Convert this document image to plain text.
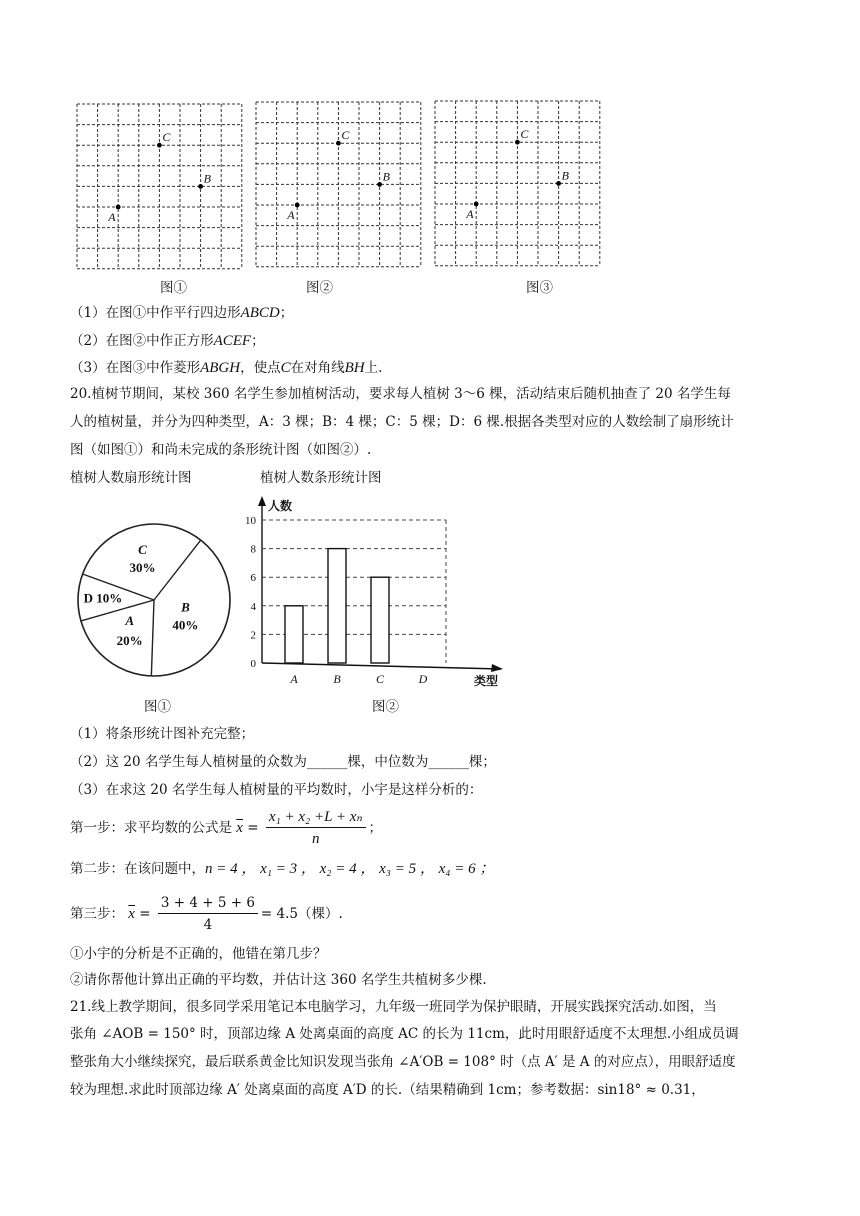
A
B
C
A
B
C
A
B
C
图①	图②	图③
（1）在图①中作平行四边形ABCD；
（2）在图②中作正方形ACEF；
（3）在图③中作菱形ABGH，使点C在对角线BH上.
20.植树节期间，某校 360 名学生参加植树活动，要求每人植树 3～6 棵，活动结束后随机抽查了 20 名学生每
人的植树量，并分为四种类型，A：3 棵；B：4 棵；C：5 棵；D：6 棵.根据各类型对应的人数绘制了扇形统计
图（如图①）和尚未完成的条形统计图（如图②）.
植树人数扇形统计图	植树人数条形统计图
B
40%
C
30%
D 10%
A
20%
人数
类型
0
2
4
6
8
10
A	B	C	D
图①	图②
（1）将条形统计图补充完整；
（2）这 20 名学生每人植树量的众数为______棵，中位数为______棵；
（3）在求这 20 名学生每人植树量的平均数时，小宇是这样分析的：
第一步：求平均数的公式是 $\overline{x} = \frac{\text{x₁ + x₂ +L + xₙ}}{n}$ ；
第二步：在该问题中，n = 4 ， x₁ = 3 ， x₂ = 4 ， x₃ = 5 ， x₄ = 6 ；
第三步： $\overline{x} = \frac{3 + 4 + 5 + 6}{4} = 4.5$（棵）.
①小宇的分析是不正确的，他错在第几步？
②请你帮他计算出正确的平均数，并估计这 360 名学生共植树多少棵.
21.线上教学期间，很多同学采用笔记本电脑学习，九年级一班同学为保护眼睛，开展实践探究活动.如图，当
张角 ∠AOB = 150° 时，顶部边缘 A 处离桌面的高度 AC 的长为 11cm，此时用眼舒适度不太理想.小组成员调
整张角大小继续探究，最后联系黄金比知识发现当张角 ∠A′OB = 108° 时（点 A′ 是 A 的对应点），用眼舒适度
较为理想.求此时顶部边缘 A′ 处离桌面的高度 A′D 的长.（结果精确到 1cm；参考数据：sin18° ≈ 0.31，
